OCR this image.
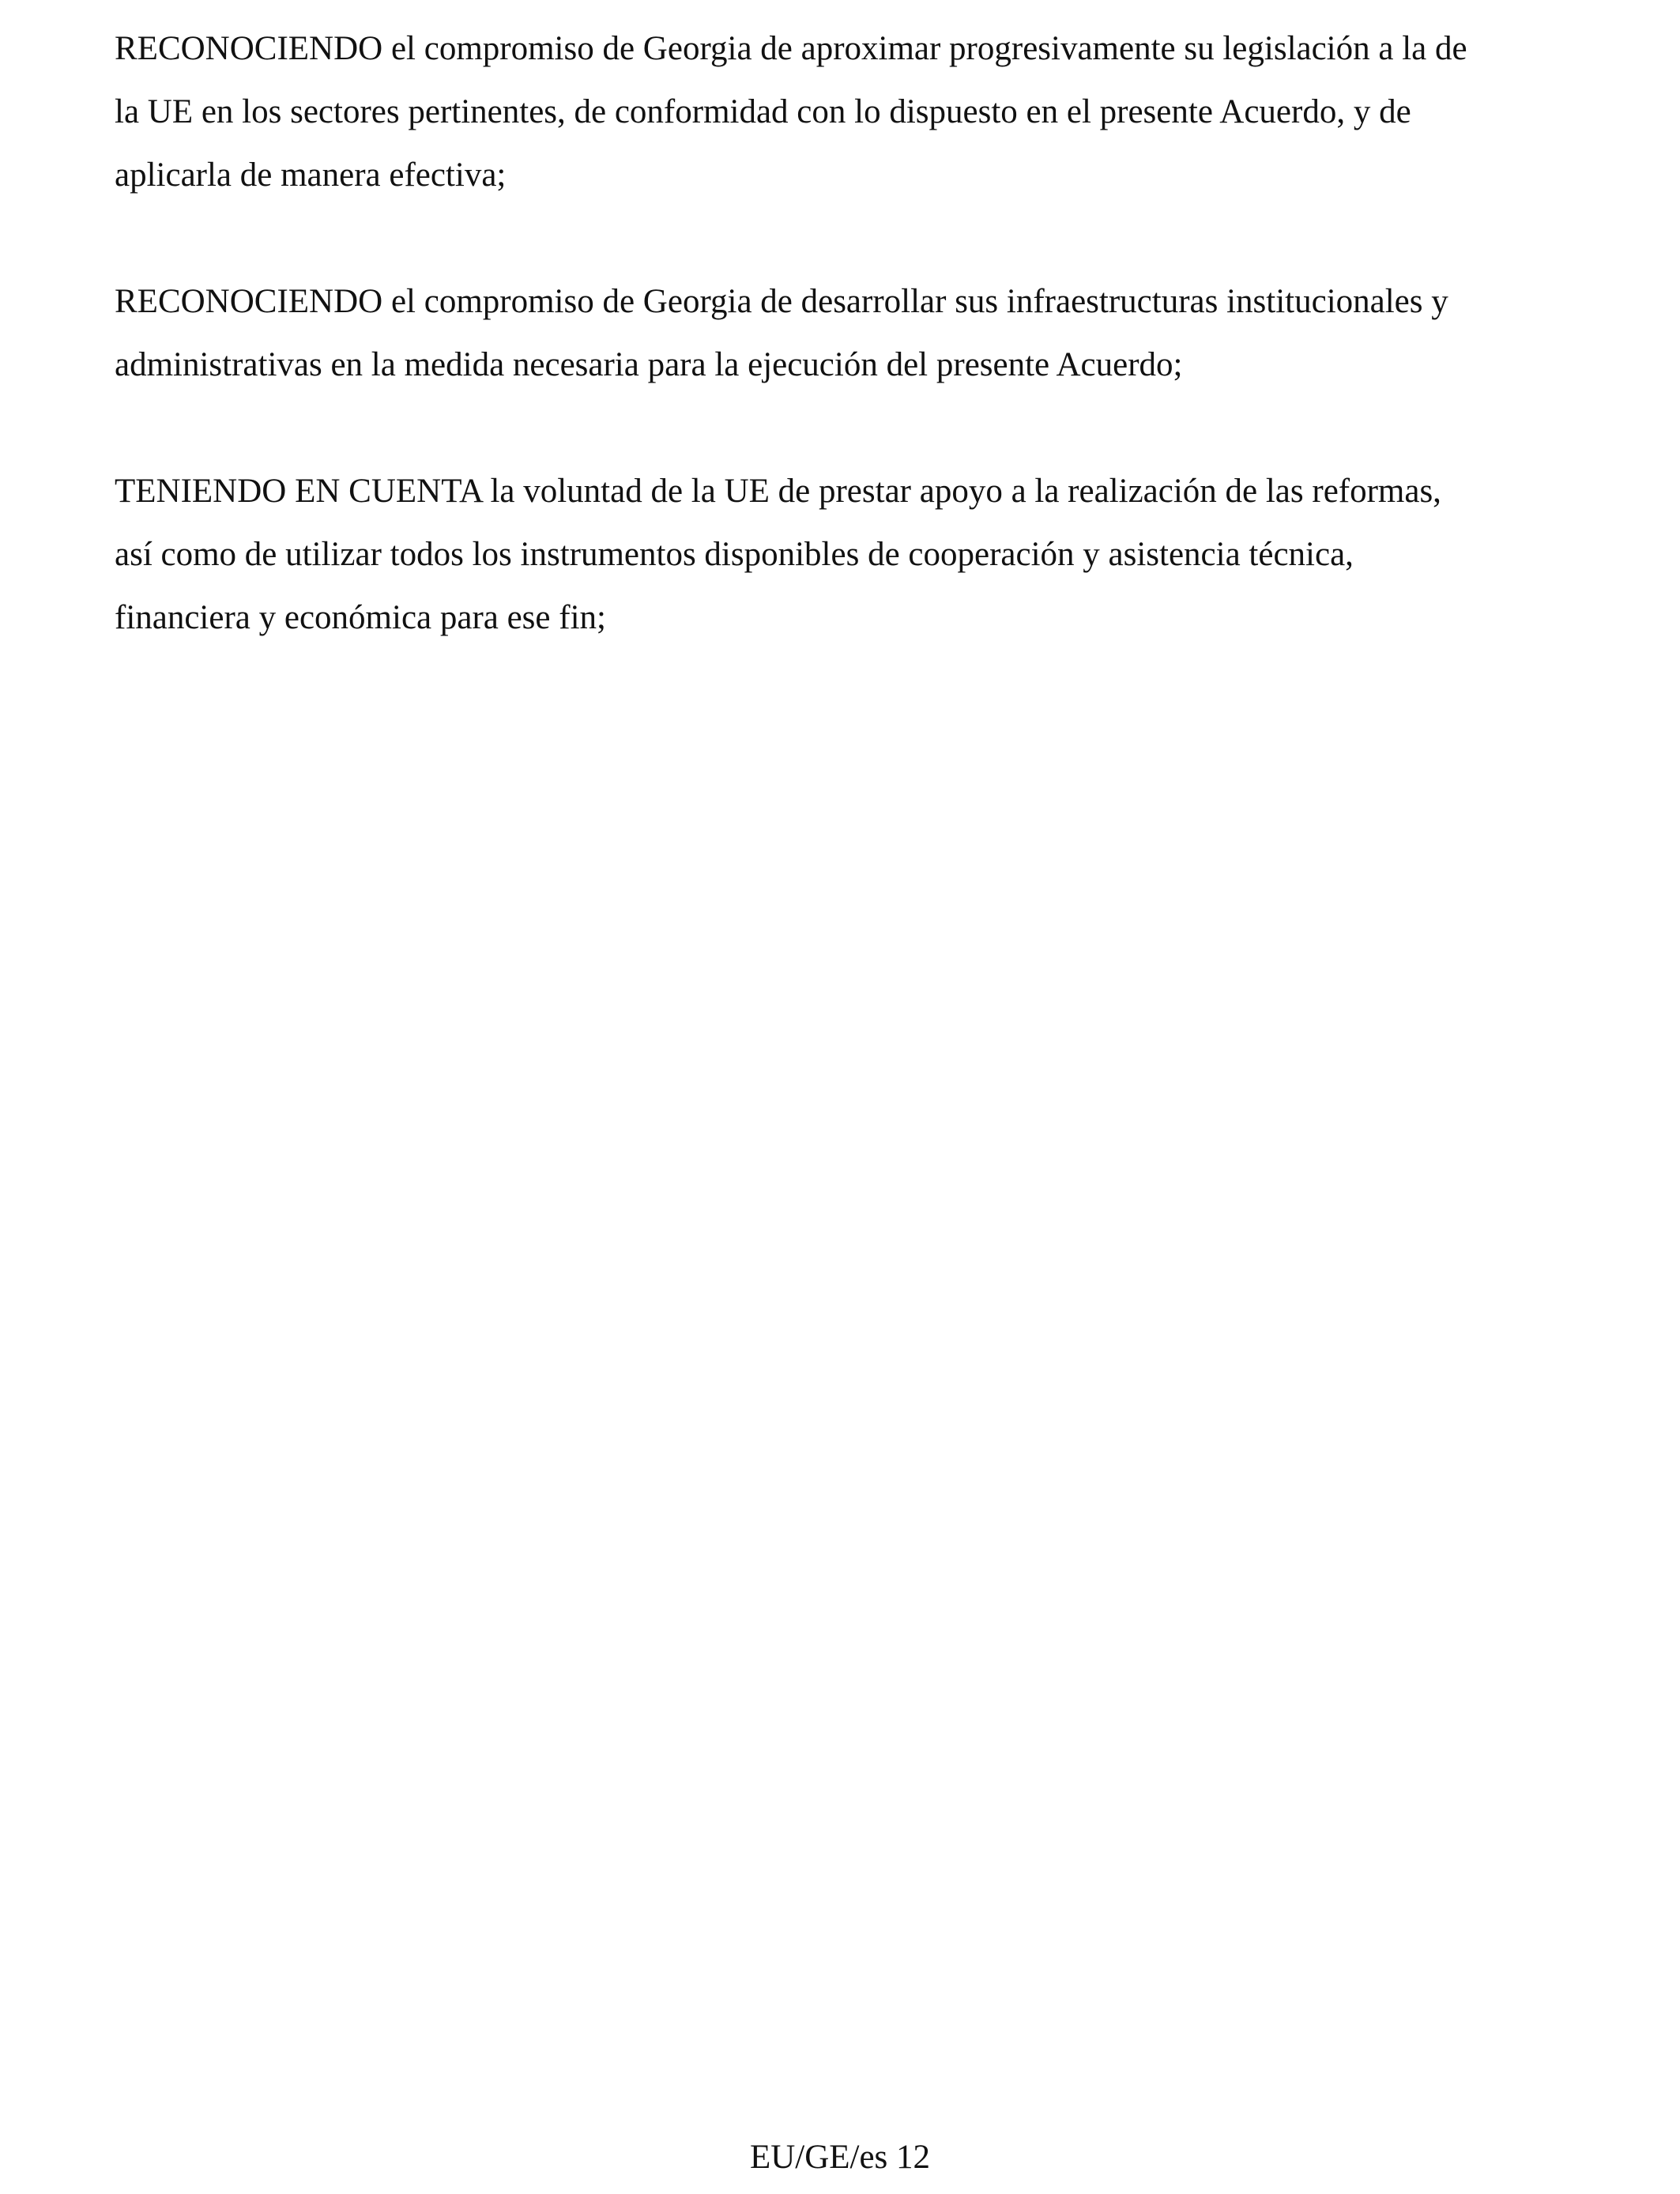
RECONOCIENDO el compromiso de Georgia de aproximar progresivamente su legislación a la de
la UE en los sectores pertinentes, de conformidad con lo dispuesto en el presente Acuerdo, y de
aplicarla de manera efectiva;

RECONOCIENDO el compromiso de Georgia de desarrollar sus infraestructuras institucionales y
administrativas en la medida necesaria para la ejecución del presente Acuerdo;

TENIENDO EN CUENTA la voluntad de la UE de prestar apoyo a la realización de las reformas,
así como de utilizar todos los instrumentos disponibles de cooperación y asistencia técnica,
financiera y económica para ese fin;

EU/GE/es 12
